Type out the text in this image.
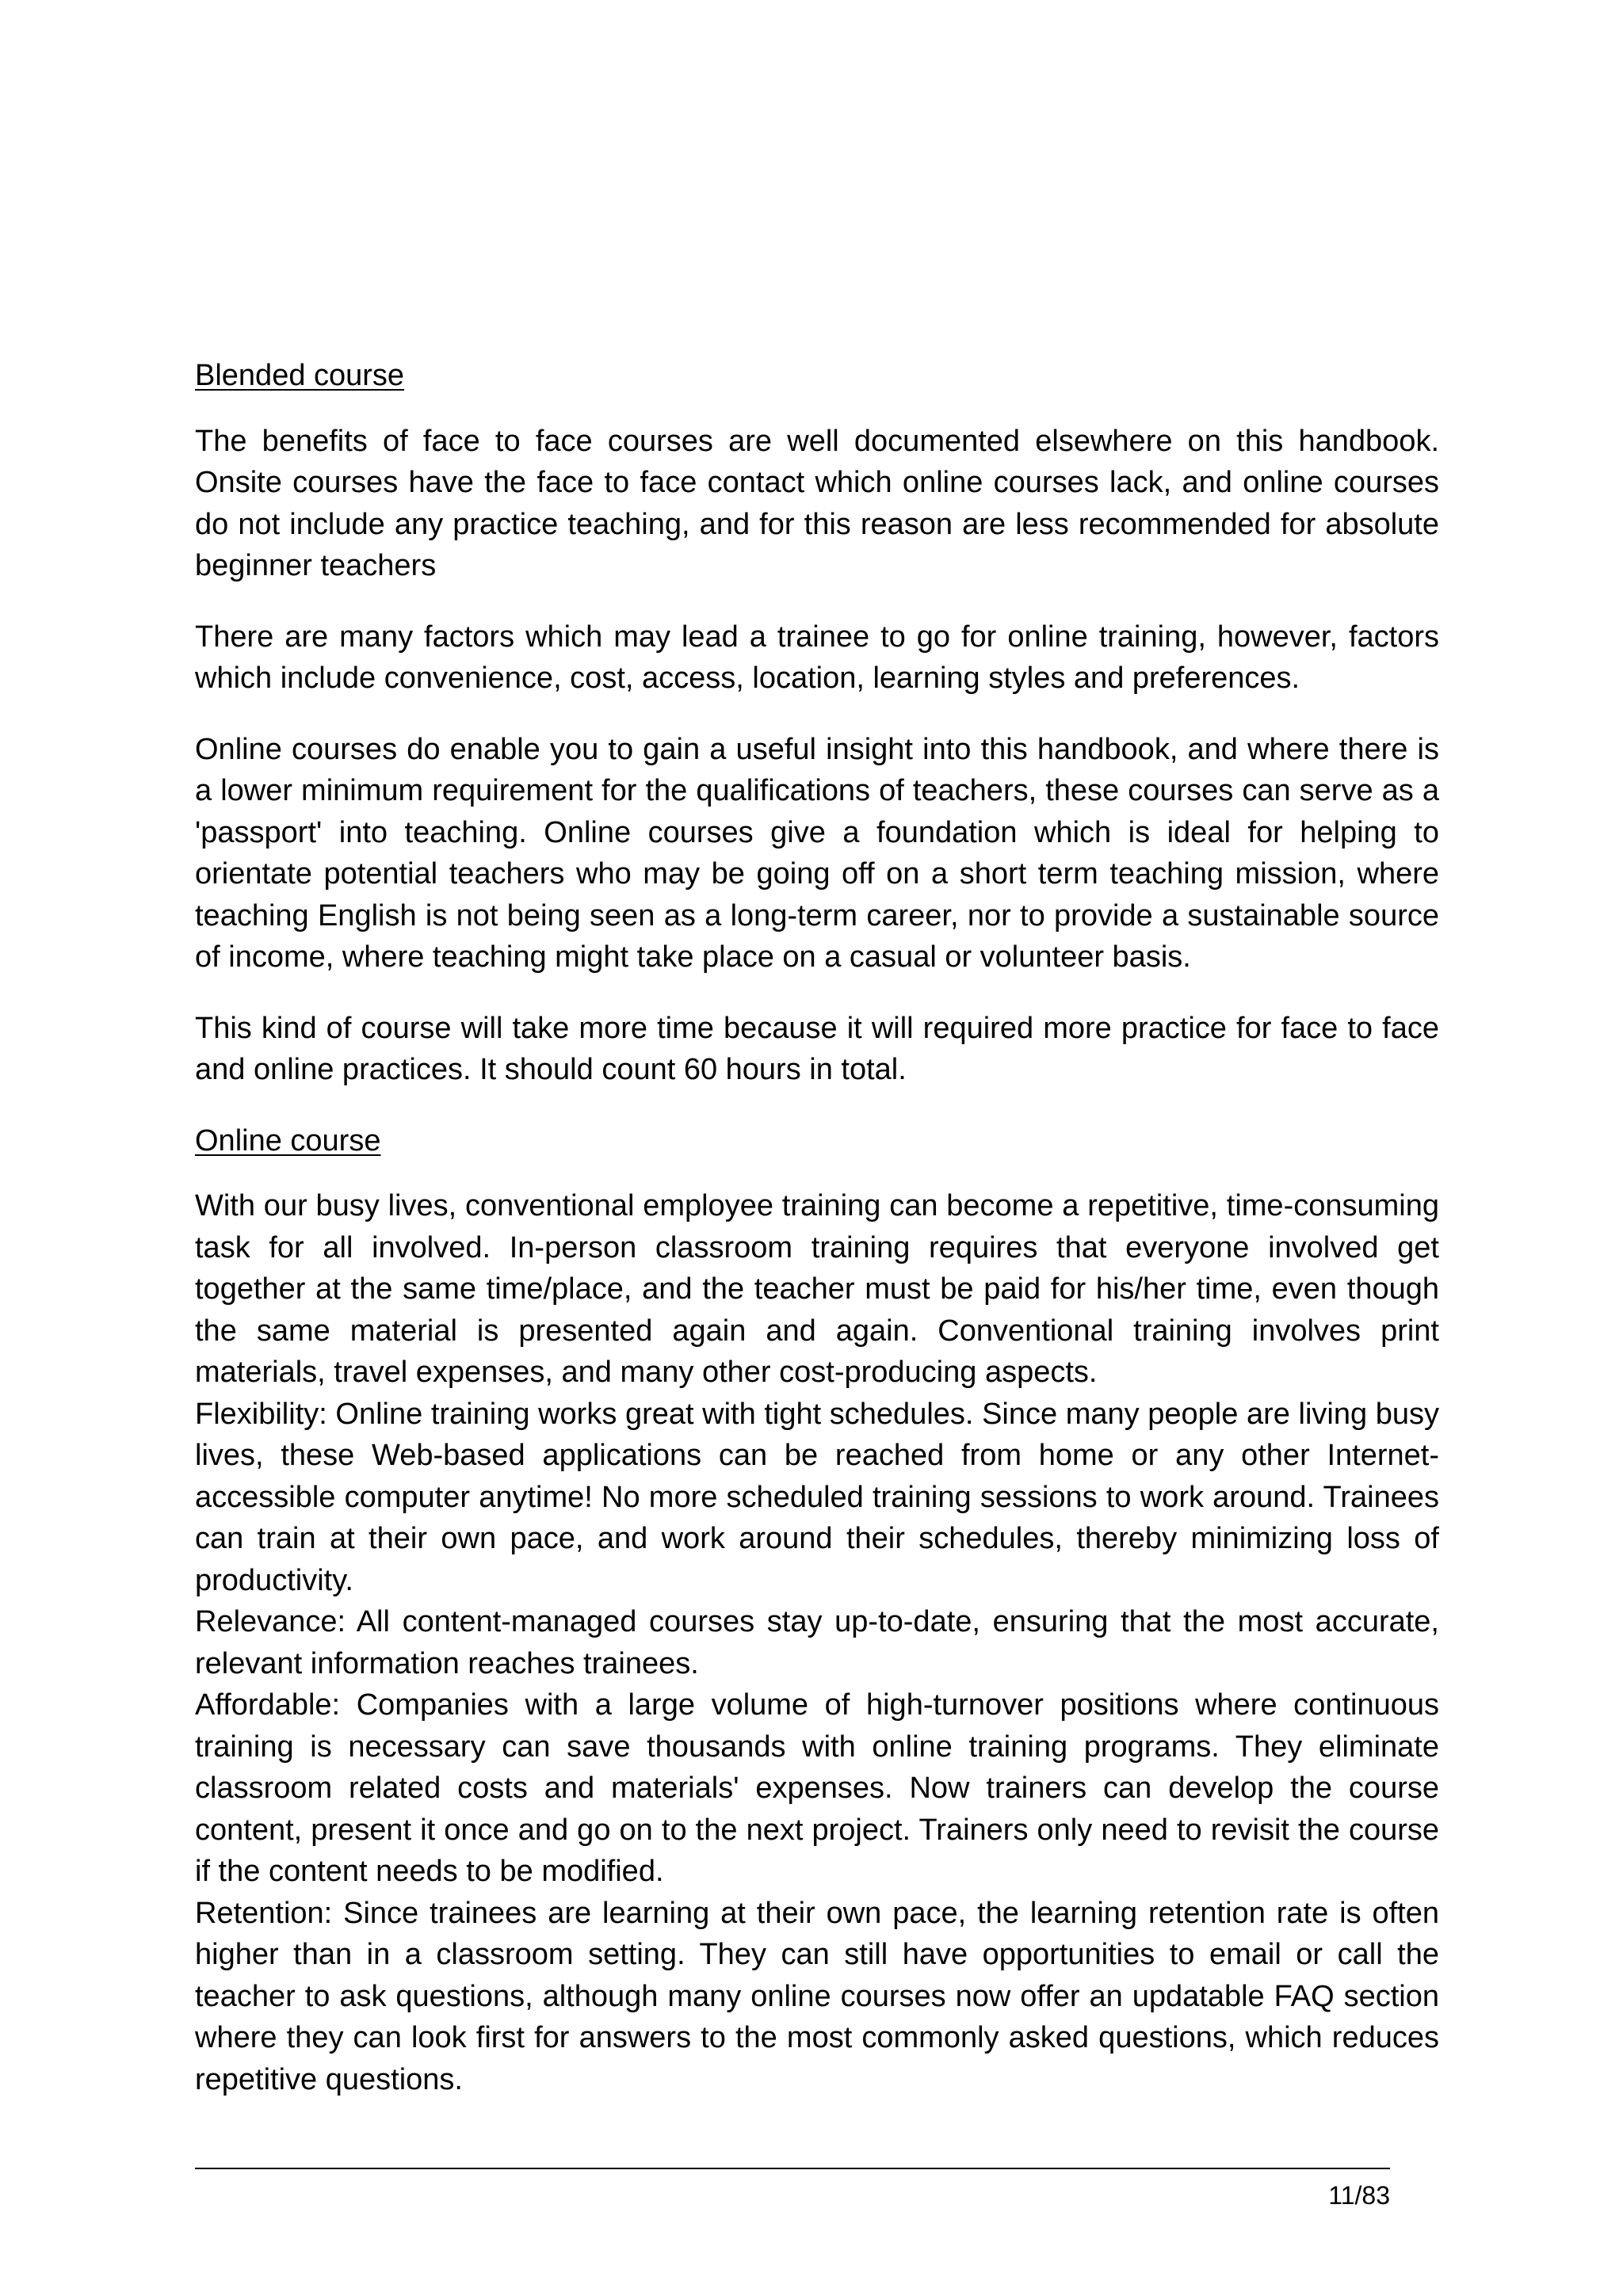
Blended course

The benefits of face to face courses are well documented elsewhere on this handbook. Onsite courses have the face to face contact which online courses lack, and online courses do not include any practice teaching, and for this reason are less recommended for absolute beginner teachers

There are many factors which may lead a trainee to go for online training, however, factors which include convenience, cost, access, location, learning styles and preferences.

Online courses do enable you to gain a useful insight into this handbook, and where there is a lower minimum requirement for the qualifications of teachers, these courses can serve as a 'passport' into teaching. Online courses give a foundation which is ideal for helping to orientate potential teachers who may be going off on a short term teaching mission, where teaching English is not being seen as a long-term career, nor to provide a sustainable source of income, where teaching might take place on a casual or volunteer basis.

This kind of course will take more time because it will required more practice for face to face and online practices. It should count 60 hours in total.

Online course

With our busy lives, conventional employee training can become a repetitive, time-consuming task for all involved. In-person classroom training requires that everyone involved get together at the same time/place, and the teacher must be paid for his/her time, even though the same material is presented again and again. Conventional training involves print materials, travel expenses, and many other cost-producing aspects.

Flexibility: Online training works great with tight schedules. Since many people are living busy lives, these Web-based applications can be reached from home or any other Internet-accessible computer anytime! No more scheduled training sessions to work around. Trainees can train at their own pace, and work around their schedules, thereby minimizing loss of productivity.

Relevance: All content-managed courses stay up-to-date, ensuring that the most accurate, relevant information reaches trainees.

Affordable: Companies with a large volume of high-turnover positions where continuous training is necessary can save thousands with online training programs. They eliminate classroom related costs and materials' expenses. Now trainers can develop the course content, present it once and go on to the next project. Trainers only need to revisit the course if the content needs to be modified.

Retention: Since trainees are learning at their own pace, the learning retention rate is often higher than in a classroom setting. They can still have opportunities to email or call the teacher to ask questions, although many online courses now offer an updatable FAQ section where they can look first for answers to the most commonly asked questions, which reduces repetitive questions.

11/83
